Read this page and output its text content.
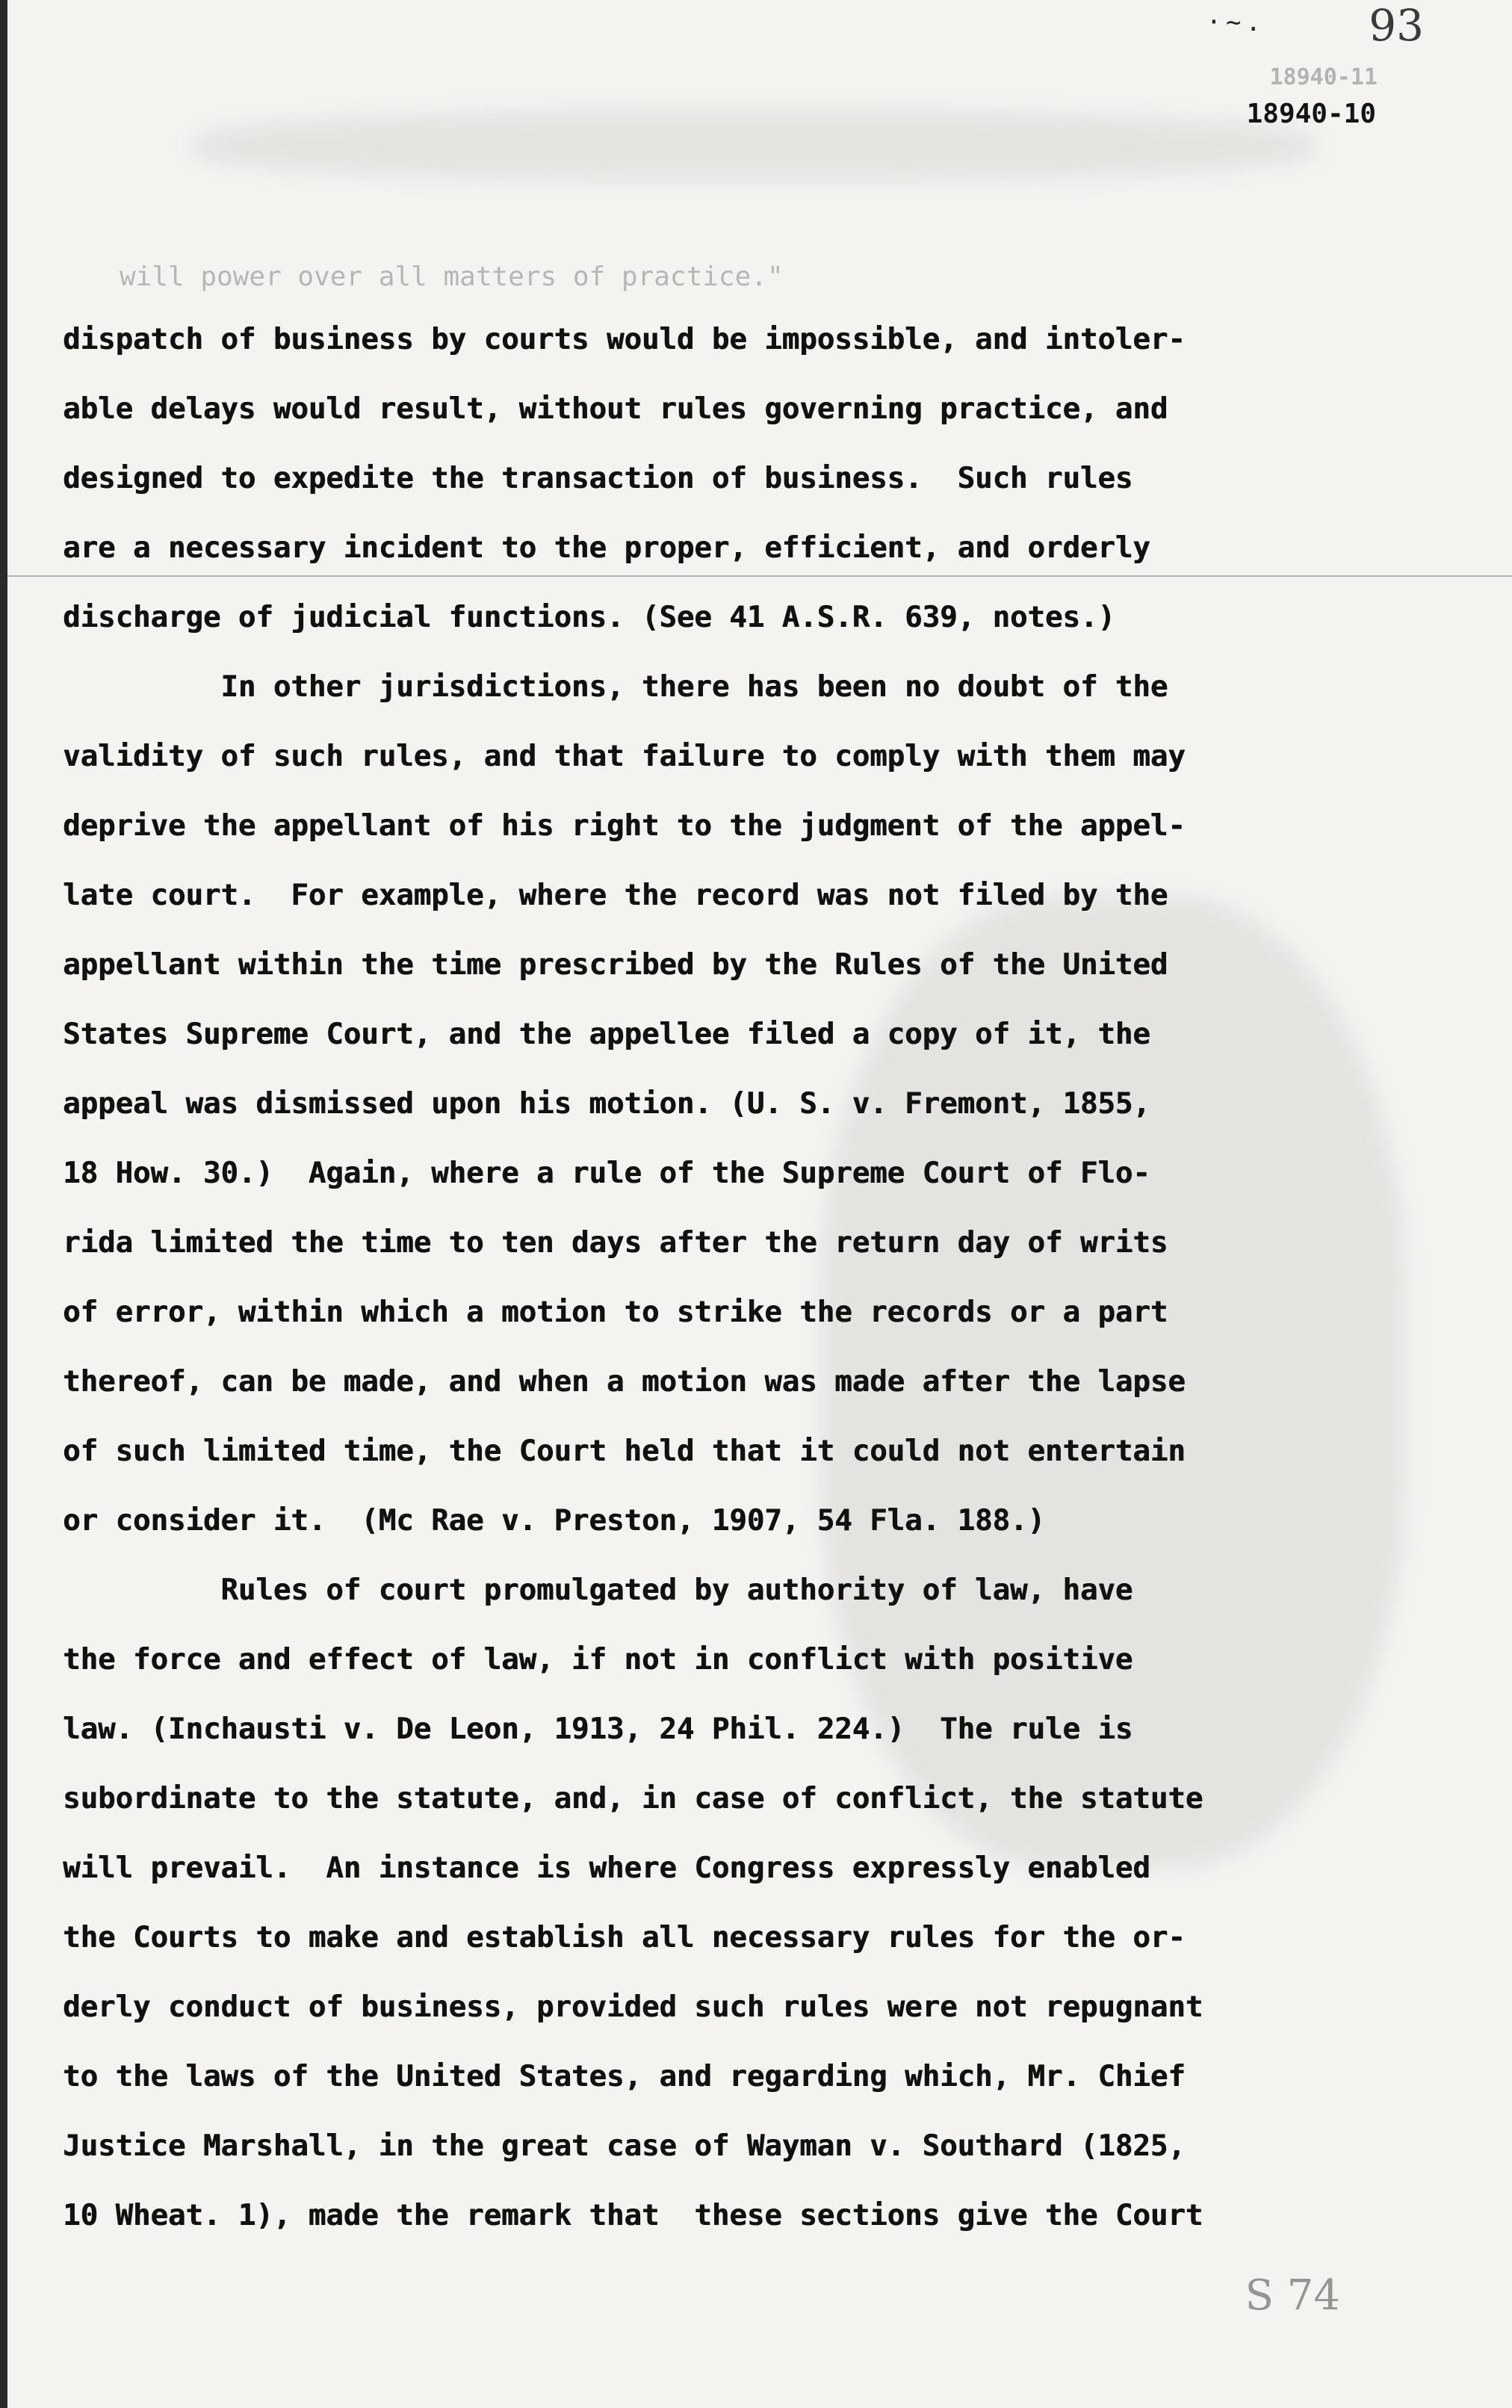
·~. 93
18940-11
18940-10
will power over all matters of practice."
dispatch of business by courts would be impossible, and intoler-
able delays would result, without rules governing practice, and
designed to expedite the transaction of business.  Such rules
are a necessary incident to the proper, efficient, and orderly
discharge of judicial functions. (See 41 A.S.R. 639, notes.)
In other jurisdictions, there has been no doubt of the
validity of such rules, and that failure to comply with them may
deprive the appellant of his right to the judgment of the appel-
late court.  For example, where the record was not filed by the
appellant within the time prescribed by the Rules of the United
States Supreme Court, and the appellee filed a copy of it, the
appeal was dismissed upon his motion. (U. S. v. Fremont, 1855,
18 How. 30.)  Again, where a rule of the Supreme Court of Flo-
rida limited the time to ten days after the return day of writs
of error, within which a motion to strike the records or a part
thereof, can be made, and when a motion was made after the lapse
of such limited time, the Court held that it could not entertain
or consider it.  (Mc Rae v. Preston, 1907, 54 Fla. 188.)
Rules of court promulgated by authority of law, have
the force and effect of law, if not in conflict with positive
law. (Inchausti v. De Leon, 1913, 24 Phil. 224.)  The rule is
subordinate to the statute, and, in case of conflict, the statute
will prevail.  An instance is where Congress expressly enabled
the Courts to make and establish all necessary rules for the or-
derly conduct of business, provided such rules were not repugnant
to the laws of the United States, and regarding which, Mr. Chief
Justice Marshall, in the great case of Wayman v. Southard (1825,
10 Wheat. 1), made the remark that  these sections give the Court
S 74
